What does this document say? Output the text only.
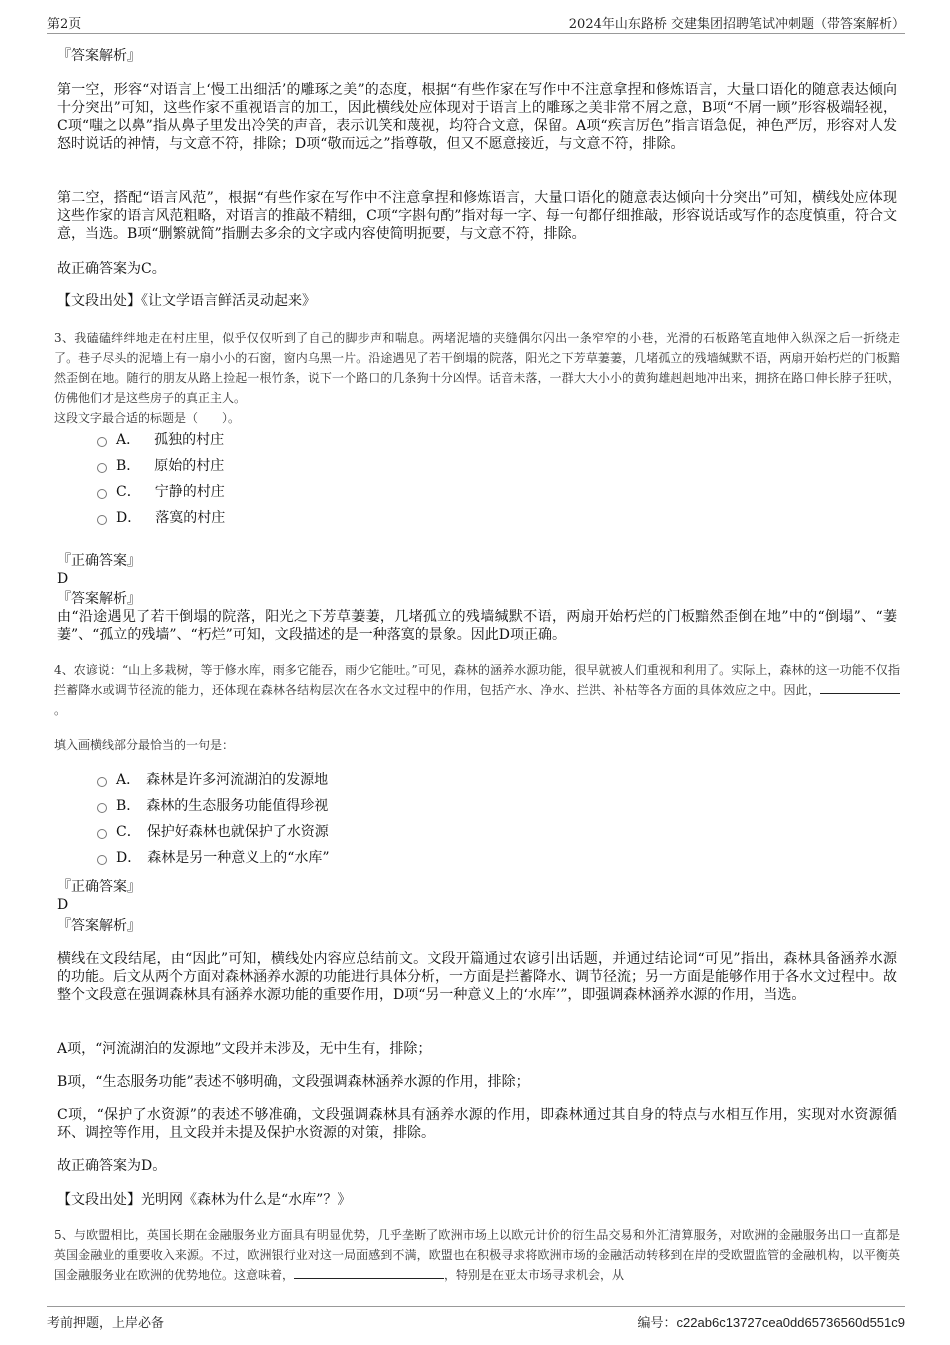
第2页	2024年山东路桥 交建集团招聘笔试冲刺题（带答案解析）
『答案解析』
第一空，形容“对语言上‘慢工出细活’的雕琢之美”的态度，根据“有些作家在写作中不注意拿捏和修炼语言，大量口语化的随意表达倾向十分突出”可知，这些作家不重视语言的加工，因此横线处应体现对于语言上的雕琢之美非常不屑之意，B项“不屑一顾”形容极端轻视，C项“嗤之以鼻”指从鼻子里发出冷笑的声音，表示讥笑和蔑视，均符合文意，保留。A项“疾言厉色”指言语急促，神色严厉，形容对人发怒时说话的神情，与文意不符，排除；D项“敬而远之”指尊敬，但又不愿意接近，与文意不符，排除。
第二空，搭配“语言风范”，根据“有些作家在写作中不注意拿捏和修炼语言，大量口语化的随意表达倾向十分突出”可知，横线处应体现这些作家的语言风范粗略，对语言的推敲不精细，C项“字斟句酌”指对每一字、每一句都仔细推敲，形容说话或写作的态度慎重，符合文意，当选。B项“删繁就简”指删去多余的文字或内容使简明扼要，与文意不符，排除。
故正确答案为C。
【文段出处】《让文学语言鲜活灵动起来》
3、我磕磕绊绊地走在村庄里，似乎仅仅听到了自己的脚步声和喘息。两堵泥墙的夹缝偶尔闪出一条窄窄的小巷，光滑的石板路笔直地伸入纵深之后一折绕走了。巷子尽头的泥墙上有一扇小小的石窗，窗内乌黑一片。沿途遇见了若干倒塌的院落，阳光之下芳草萋萋，几堵孤立的残墙缄默不语，两扇开始朽烂的门板黯然歪倒在地。随行的朋友从路上捡起一根竹条，说下一个路口的几条狗十分凶悍。话音未落，一群大大小小的黄狗雄赳赳地冲出来，拥挤在路口伸长脖子狂吠，仿佛他们才是这些房子的真正主人。
这段文字最合适的标题是（　　）。
A． 孤独的村庄
B． 原始的村庄
C． 宁静的村庄
D． 落寞的村庄
『正确答案』
D
『答案解析』
由“沿途遇见了若干倒塌的院落，阳光之下芳草萋萋，几堵孤立的残墙缄默不语，两扇开始朽烂的门板黯然歪倒在地”中的“倒塌”、“萋萋”、“孤立的残墙”、“朽烂”可知，文段描述的是一种落寞的景象。因此D项正确。
4、农谚说：“山上多栽树，等于修水库，雨多它能吞，雨少它能吐。”可见，森林的涵养水源功能，很早就被人们重视和利用了。实际上，森林的这一功能不仅指拦蓄降水或调节径流的能力，还体现在森林各结构层次在各水文过程中的作用，包括产水、净水、拦洪、补枯等各方面的具体效应之中。因此，。
填入画横线部分最恰当的一句是：
A． 森林是许多河流湖泊的发源地
B． 森林的生态服务功能值得珍视
C． 保护好森林也就保护了水资源
D． 森林是另一种意义上的“水库”
『正确答案』
D
『答案解析』
横线在文段结尾，由“因此”可知，横线处内容应总结前文。文段开篇通过农谚引出话题，并通过结论词“可见”指出，森林具备涵养水源的功能。后文从两个方面对森林涵养水源的功能进行具体分析，一方面是拦蓄降水、调节径流；另一方面是能够作用于各水文过程中。故整个文段意在强调森林具有涵养水源功能的重要作用，D项“另一种意义上的‘水库’”，即强调森林涵养水源的作用，当选。
A项，“河流湖泊的发源地”文段并未涉及，无中生有，排除；
B项，“生态服务功能”表述不够明确，文段强调森林涵养水源的作用，排除；
C项，“保护了水资源”的表述不够准确，文段强调森林具有涵养水源的作用，即森林通过其自身的特点与水相互作用，实现对水资源循环、调控等作用，且文段并未提及保护水资源的对策，排除。
故正确答案为D。
【文段出处】光明网《森林为什么是“水库”？》
5、与欧盟相比，英国长期在金融服务业方面具有明显优势，几乎垄断了欧洲市场上以欧元计价的衍生品交易和外汇清算服务，对欧洲的金融服务出口一直都是英国金融业的重要收入来源。不过，欧洲银行业对这一局面感到不满，欧盟也在积极寻求将欧洲市场的金融活动转移到在岸的受欧盟监管的金融机构，以平衡英国金融服务业在欧洲的优势地位。这意味着，	，特别是在亚太市场寻求机会，从
考前押题，上岸必备	编号：c22ab6c13727cea0dd65736560d551c9
